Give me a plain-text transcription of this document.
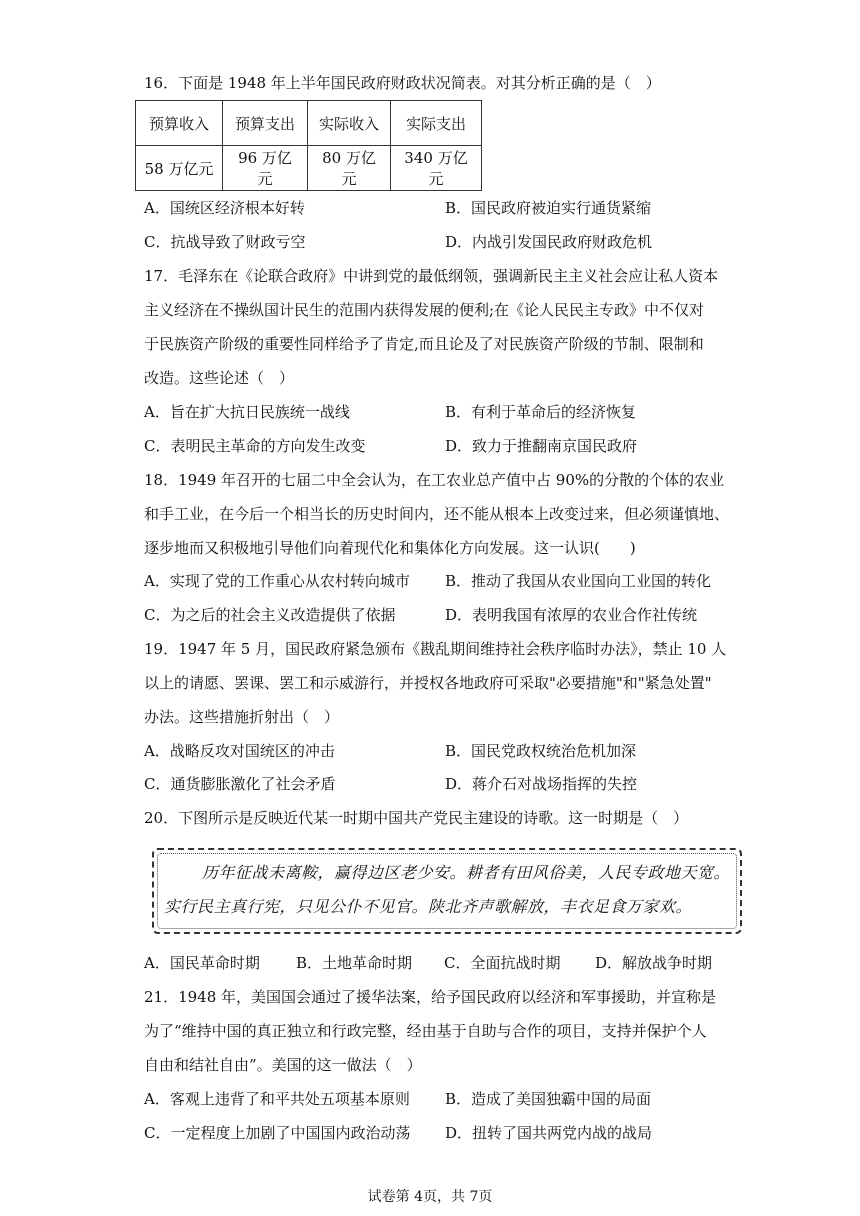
16．下面是 1948 年上半年国民政府财政状况简表。对其分析正确的是（　）
预算收入	预算支出	实际收入	实际支出
58 万亿元	96 万亿元	80 万亿元	340 万亿元
A．国统区经济根本好转	B．国民政府被迫实行通货紧缩
C．抗战导致了财政亏空	D．内战引发国民政府财政危机
17．毛泽东在《论联合政府》中讲到党的最低纲领，强调新民主主义社会应让私人资本
主义经济在不操纵国计民生的范围内获得发展的便利;在《论人民民主专政》中不仅对
于民族资产阶级的重要性同样给予了肯定,而且论及了对民族资产阶级的节制、限制和
改造。这些论述（　）
A．旨在扩大抗日民族统一战线	B．有利于革命后的经济恢复
C．表明民主革命的方向发生改变	D．致力于推翻南京国民政府
18．1949 年召开的七届二中全会认为，在工农业总产值中占 90%的分散的个体的农业
和手工业，在今后一个相当长的历史时间内，还不能从根本上改变过来，但必须谨慎地、
逐步地而又积极地引导他们向着现代化和集体化方向发展。这一认识(　　)
A．实现了党的工作重心从农村转向城市 B．推动了我国从农业国向工业国的转化
C．为之后的社会主义改造提供了依据	D．表明我国有浓厚的农业合作社传统
19．1947 年 5 月，国民政府紧急颁布《戡乱期间维持社会秩序临时办法》，禁止 10 人
以上的请愿、罢课、罢工和示威游行，并授权各地政府可采取"必要措施"和"紧急处置"
办法。这些措施折射出（　）
A．战略反攻对国统区的冲击	B．国民党政权统治危机加深
C．通货膨胀激化了社会矛盾	D．蒋介石对战场指挥的失控
20．下图所示是反映近代某一时期中国共产党民主建设的诗歌。这一时期是（　）
历年征战未离鞍，赢得边区老少安。耕者有田风俗美，人民专政地天宽。
实行民主真行宪，只见公仆不见官。陕北齐声歌解放，丰衣足食万家欢。
A．国民革命时期 B．土地革命时期 C．全面抗战时期 D．解放战争时期
21．1948 年，美国国会通过了援华法案，给予国民政府以经济和军事援助，并宣称是
为了“维持中国的真正独立和行政完整，经由基于自助与合作的项目，支持并保护个人
自由和结社自由”。美国的这一做法（　）
A．客观上违背了和平共处五项基本原则 B．造成了美国独霸中国的局面
C．一定程度上加剧了中国国内政治动荡 D．扭转了国共两党内战的战局
试卷第 4页，共 7页
